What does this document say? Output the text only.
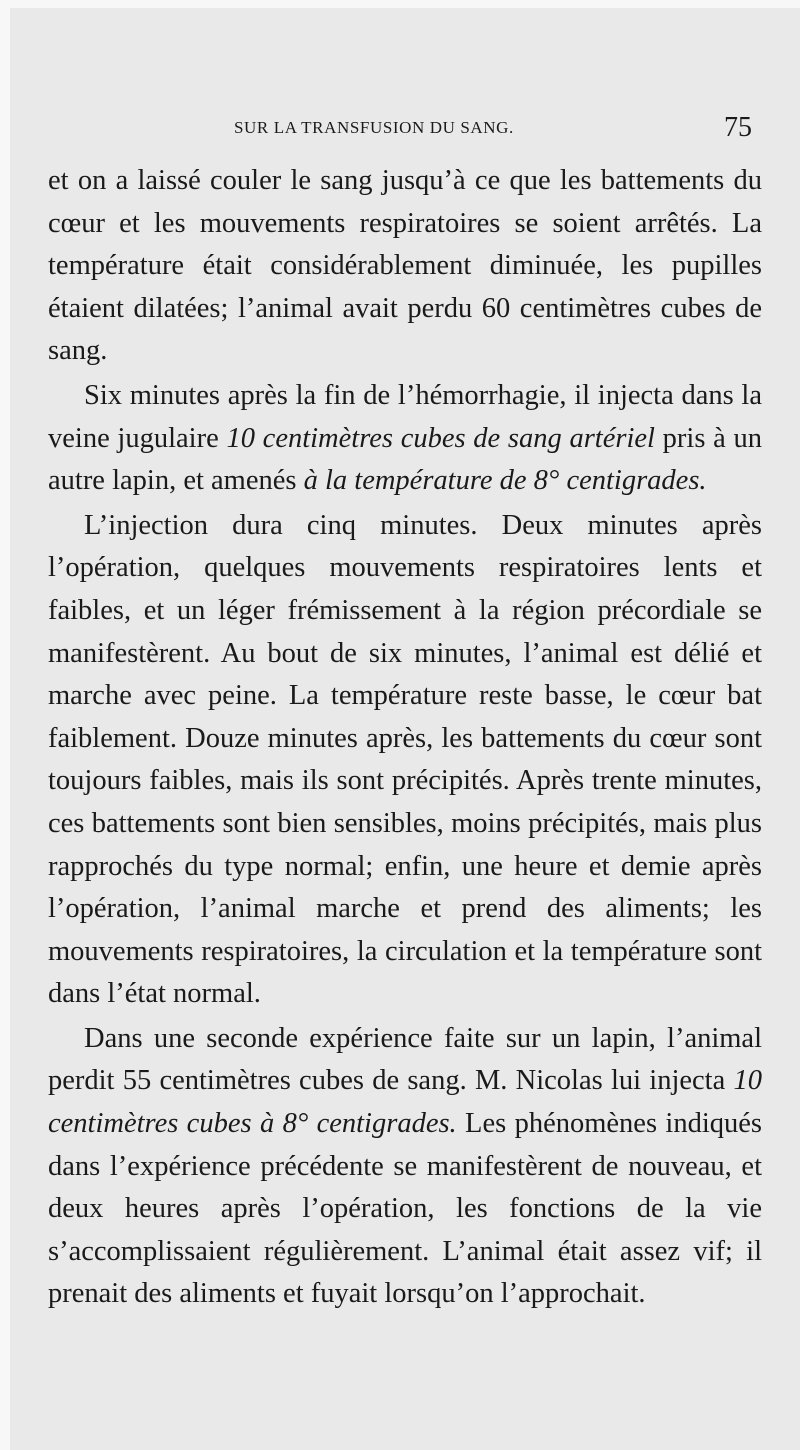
SUR LA TRANSFUSION DU SANG.	75

et on a laissé couler le sang jusqu’à ce que les battements du cœur et les mouvements respiratoires se soient arrêtés. La température était considérablement diminuée, les pupilles étaient dilatées; l’animal avait perdu 60 centimètres cubes de sang.

Six minutes après la fin de l’hémorrhagie, il injecta dans la veine jugulaire 10 centimètres cubes de sang artériel pris à un autre lapin, et amenés à la température de 8° centigrades.

L’injection dura cinq minutes. Deux minutes après l’opération, quelques mouvements respiratoires lents et faibles, et un léger frémissement à la région précordiale se manifestèrent. Au bout de six minutes, l’animal est délié et marche avec peine. La température reste basse, le cœur bat faiblement. Douze minutes après, les battements du cœur sont toujours faibles, mais ils sont précipités. Après trente minutes, ces battements sont bien sensibles, moins précipités, mais plus rapprochés du type normal; enfin, une heure et demie après l’opération, l’animal marche et prend des aliments; les mouvements respiratoires, la circulation et la température sont dans l’état normal.

Dans une seconde expérience faite sur un lapin, l’animal perdit 55 centimètres cubes de sang. M. Nicolas lui injecta 10 centimètres cubes à 8° centigrades. Les phénomènes indiqués dans l’expérience précédente se manifestèrent de nouveau, et deux heures après l’opération, les fonctions de la vie s’accomplissaient régulièrement. L’animal était assez vif; il prenait des aliments et fuyait lorsqu’on l’approchait.
